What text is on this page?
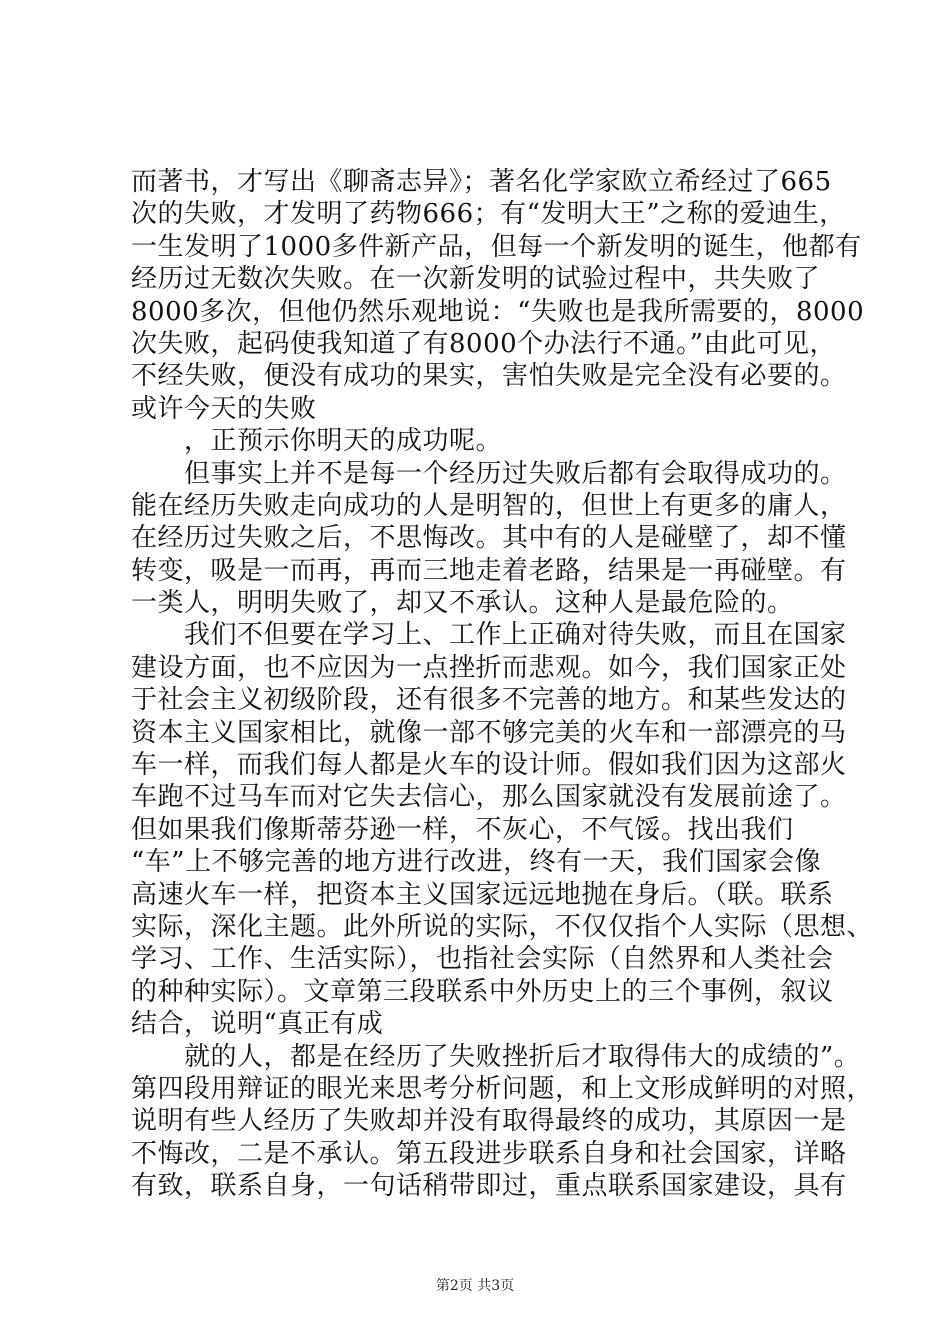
而著书，才写出《聊斋志异》；著名化学家欧立希经过了665
次的失败，才发明了药物666；有“发明大王”之称的爱迪生，
一生发明了1000多件新产品，但每一个新发明的诞生，他都有
经历过无数次失败。在一次新发明的试验过程中，共失败了
8000多次，但他仍然乐观地说：“失败也是我所需要的，8000
次失败，起码使我知道了有8000个办法行不通。”由此可见，
不经失败，便没有成功的果实，害怕失败是完全没有必要的。
或许今天的失败
　　，正预示你明天的成功呢。
　　但事实上并不是每一个经历过失败后都有会取得成功的。
能在经历失败走向成功的人是明智的，但世上有更多的庸人，
在经历过失败之后，不思悔改。其中有的人是碰壁了，却不懂
转变，吸是一而再，再而三地走着老路，结果是一再碰壁。有
一类人，明明失败了，却又不承认。这种人是最危险的。
　　我们不但要在学习上、工作上正确对待失败，而且在国家
建设方面，也不应因为一点挫折而悲观。如今，我们国家正处
于社会主义初级阶段，还有很多不完善的地方。和某些发达的
资本主义国家相比，就像一部不够完美的火车和一部漂亮的马
车一样，而我们每人都是火车的设计师。假如我们因为这部火
车跑不过马车而对它失去信心，那么国家就没有发展前途了。
但如果我们像斯蒂芬逊一样，不灰心，不气馁。找出我们
“车”上不够完善的地方进行改进，终有一天，我们国家会像
高速火车一样，把资本主义国家远远地抛在身后。（联。联系
实际，深化主题。此外所说的实际，不仅仅指个人实际（思想、
学习、工作、生活实际），也指社会实际（自然界和人类社会
的种种实际）。文章第三段联系中外历史上的三个事例，叙议
结合，说明“真正有成
　　就的人，都是在经历了失败挫折后才取得伟大的成绩的”。
第四段用辩证的眼光来思考分析问题，和上文形成鲜明的对照，
说明有些人经历了失败却并没有取得最终的成功，其原因一是
不悔改，二是不承认。第五段进步联系自身和社会国家，详略
有致，联系自身，一句话稍带即过，重点联系国家建设，具有
第2页 共3页
